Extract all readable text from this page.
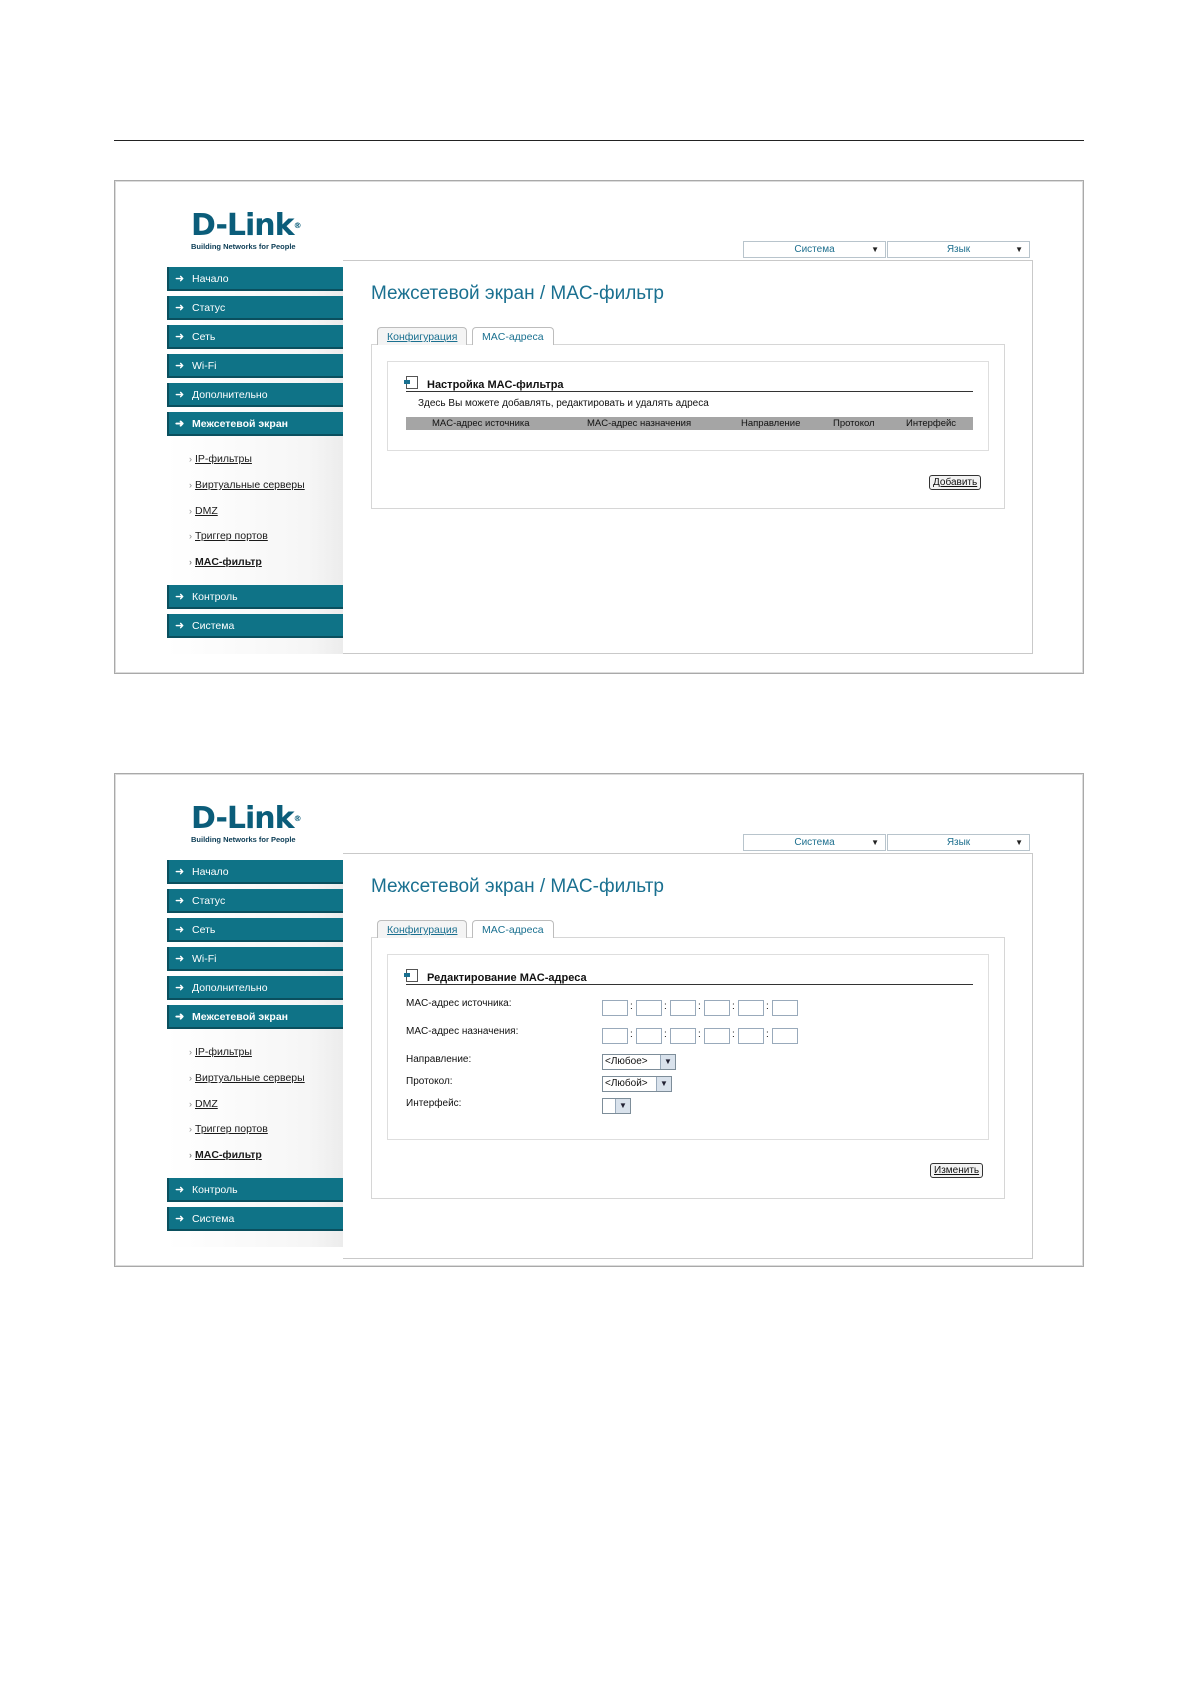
D-Link®
Building Networks for People	Система	▼	Язык	▼
➜ Начало
➜ Статус
➜ Сеть
➜ Wi-Fi
➜ Дополнительно
➜ Межсетевой экран
› IP-фильтры
› Виртуальные серверы
› DMZ
› Триггер портов
› MAC-фильтр
➜ Контроль
➜ Система
Межсетевой экран / MAC-фильтр
Конфигурация	MAC-адреса
Настройка MAC-фильтра
Здесь Вы можете добавлять, редактировать и удалять адреса
MAC-адрес источника	MAC-адрес назначения	Направление	Протокол	Интерфейс
Добавить
D-Link®
Building Networks for People	Система	▼	Язык	▼
➜ Начало
➜ Статус
➜ Сеть
➜ Wi-Fi
➜ Дополнительно
➜ Межсетевой экран
› IP-фильтры
› Виртуальные серверы
› DMZ
› Триггер портов
› MAC-фильтр
➜ Контроль
➜ Система
Межсетевой экран / MAC-фильтр
Конфигурация	MAC-адреса
Редактирование MAC-адреса
MAC-адрес источника:	:	:	:	:	:
MAC-адрес назначения:	:	:	:	:	:
Направление:	<Любое>	▼
Протокол:	<Любой>	▼
Интерфейс:	▼
Изменить
